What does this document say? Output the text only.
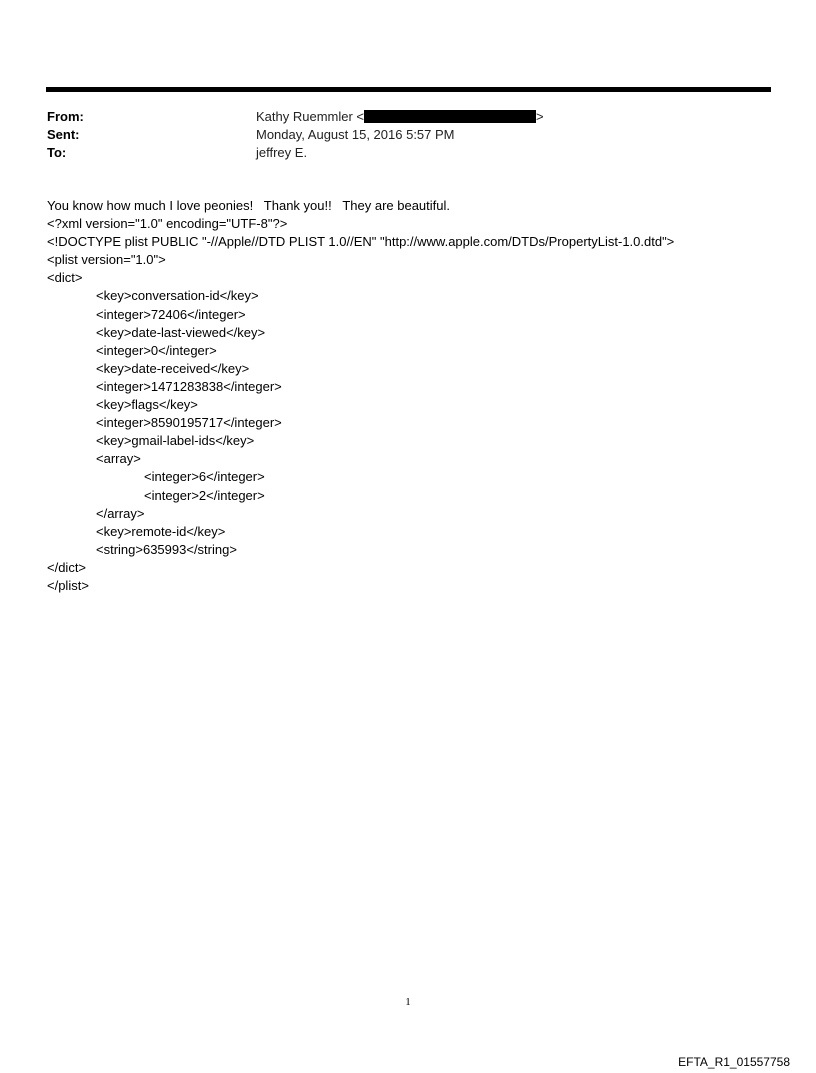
From:	Kathy Ruemmler <	>
Sent:	Monday, August 15, 2016 5:57 PM
To:	jeffrey E.
You know how much I love peonies!   Thank you!!   They are beautiful.
<?xml version="1.0" encoding="UTF-8"?>
<!DOCTYPE plist PUBLIC "-//Apple//DTD PLIST 1.0//EN" "http://www.apple.com/DTDs/PropertyList-1.0.dtd">
<plist version="1.0">
<dict>
<key>conversation-id</key>
<integer>72406</integer>
<key>date-last-viewed</key>
<integer>0</integer>
<key>date-received</key>
<integer>1471283838</integer>
<key>flags</key>
<integer>8590195717</integer>
<key>gmail-label-ids</key>
<array>
<integer>6</integer>
<integer>2</integer>
</array>
<key>remote-id</key>
<string>635993</string>
</dict>
</plist>
1
EFTA_R1_01557758
